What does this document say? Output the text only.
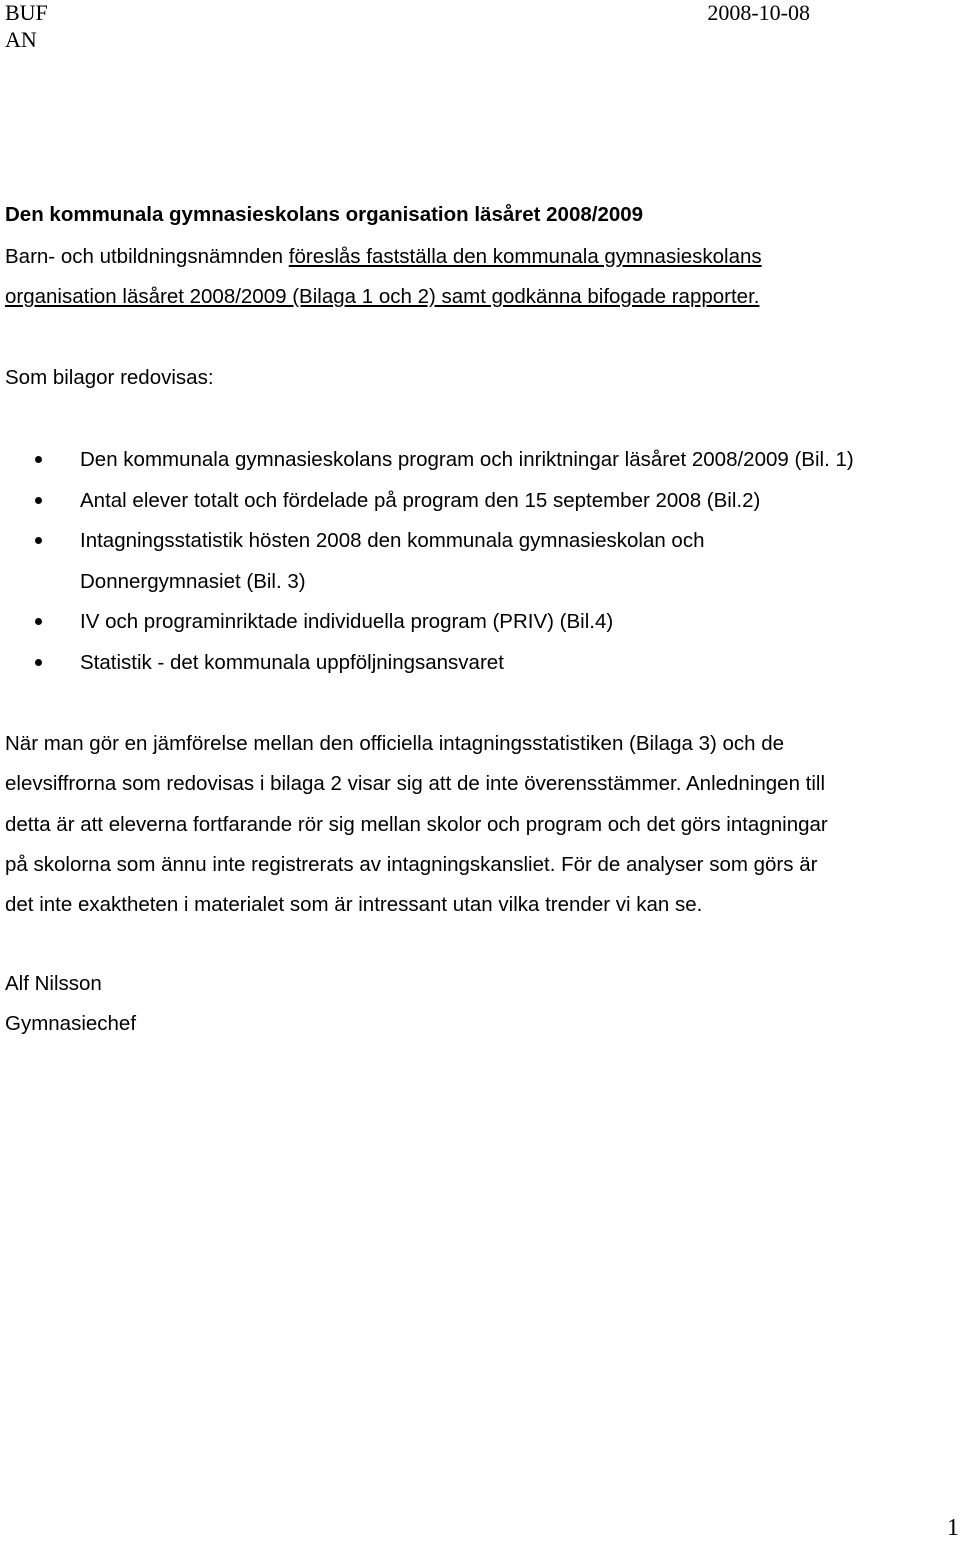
BUF
AN
2008-10-08
Den kommunala gymnasieskolans organisation läsåret 2008/2009
Barn- och utbildningsnämnden föreslås fastställa den kommunala gymnasieskolans
organisation läsåret 2008/2009 (Bilaga 1 och 2) samt godkänna bifogade rapporter.
Som bilagor redovisas:
Den kommunala gymnasieskolans program och inriktningar läsåret 2008/2009 (Bil. 1)
Antal elever totalt och fördelade på program den 15 september 2008 (Bil.2)
Intagningsstatistik hösten 2008 den kommunala gymnasieskolan och
Donnergymnasiet (Bil. 3)
IV och programinriktade individuella program (PRIV) (Bil.4)
Statistik - det kommunala uppföljningsansvaret
När man gör en jämförelse mellan den officiella intagningsstatistiken (Bilaga 3) och de
elevsiffrorna som redovisas i bilaga 2 visar sig att de inte överensstämmer. Anledningen till
detta är att eleverna fortfarande rör sig mellan skolor och program och det görs intagningar
på skolorna som ännu inte registrerats av intagningskansliet. För de analyser som görs är
det inte exaktheten i materialet som är intressant utan vilka trender vi kan se.
Alf Nilsson
Gymnasiechef
1
